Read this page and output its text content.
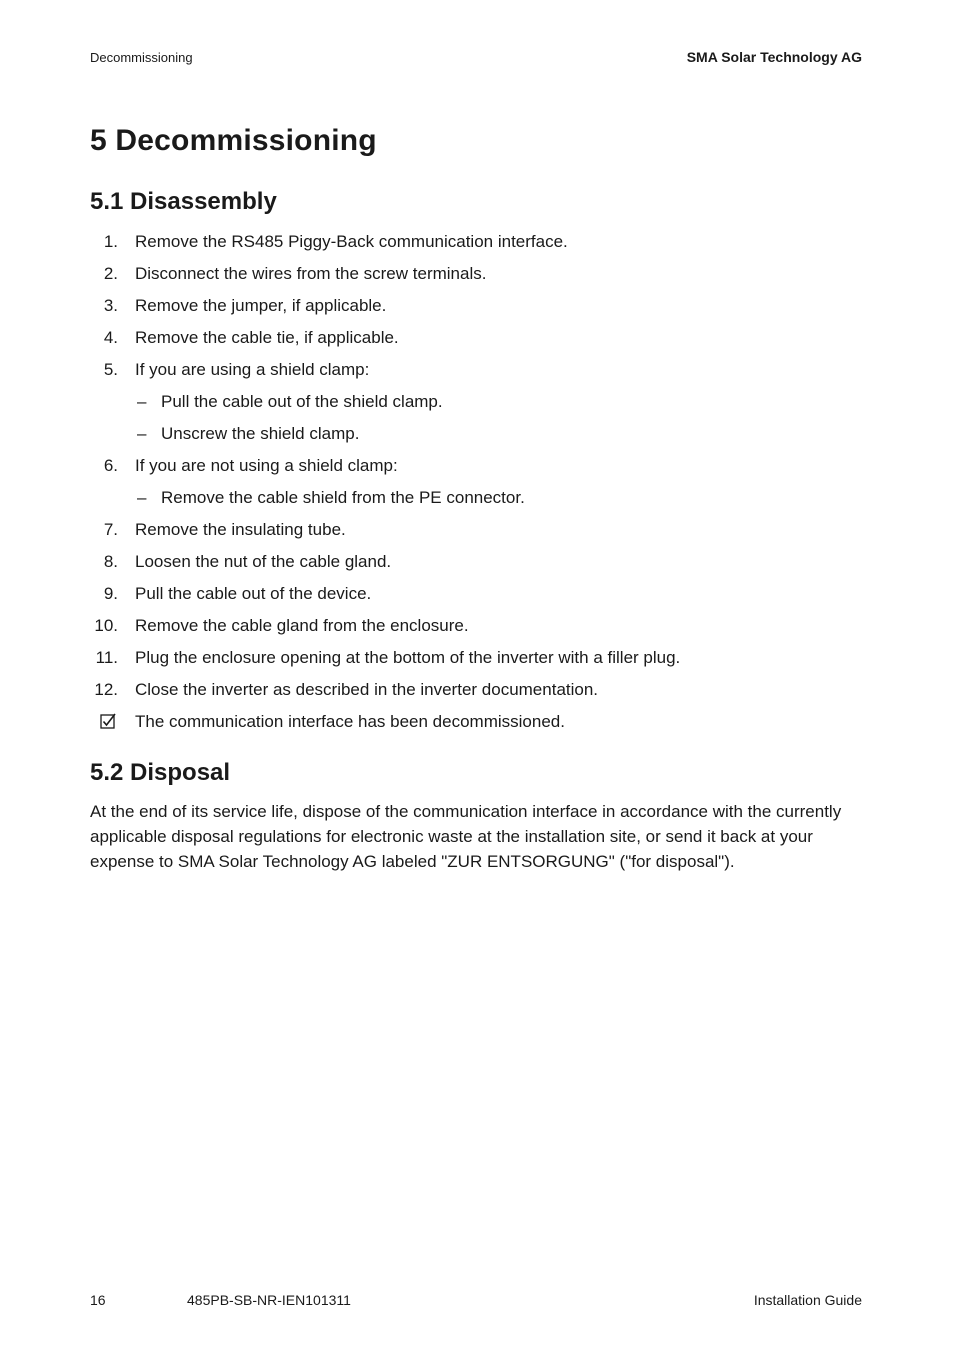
Decommissioning	SMA Solar Technology AG
5 Decommissioning
5.1 Disassembly
1. Remove the RS485 Piggy-Back communication interface.
2. Disconnect the wires from the screw terminals.
3. Remove the jumper, if applicable.
4. Remove the cable tie, if applicable.
5. If you are using a shield clamp:
– Pull the cable out of the shield clamp.
– Unscrew the shield clamp.
6. If you are not using a shield clamp:
– Remove the cable shield from the PE connector.
7. Remove the insulating tube.
8. Loosen the nut of the cable gland.
9. Pull the cable out of the device.
10. Remove the cable gland from the enclosure.
11. Plug the enclosure opening at the bottom of the inverter with a filler plug.
12. Close the inverter as described in the inverter documentation.
The communication interface has been decommissioned.
5.2 Disposal
At the end of its service life, dispose of the communication interface in accordance with the currently applicable disposal regulations for electronic waste at the installation site, or send it back at your expense to SMA Solar Technology AG labeled "ZUR ENTSORGUNG" ("for disposal").
16	485PB-SB-NR-IEN101311	Installation Guide
